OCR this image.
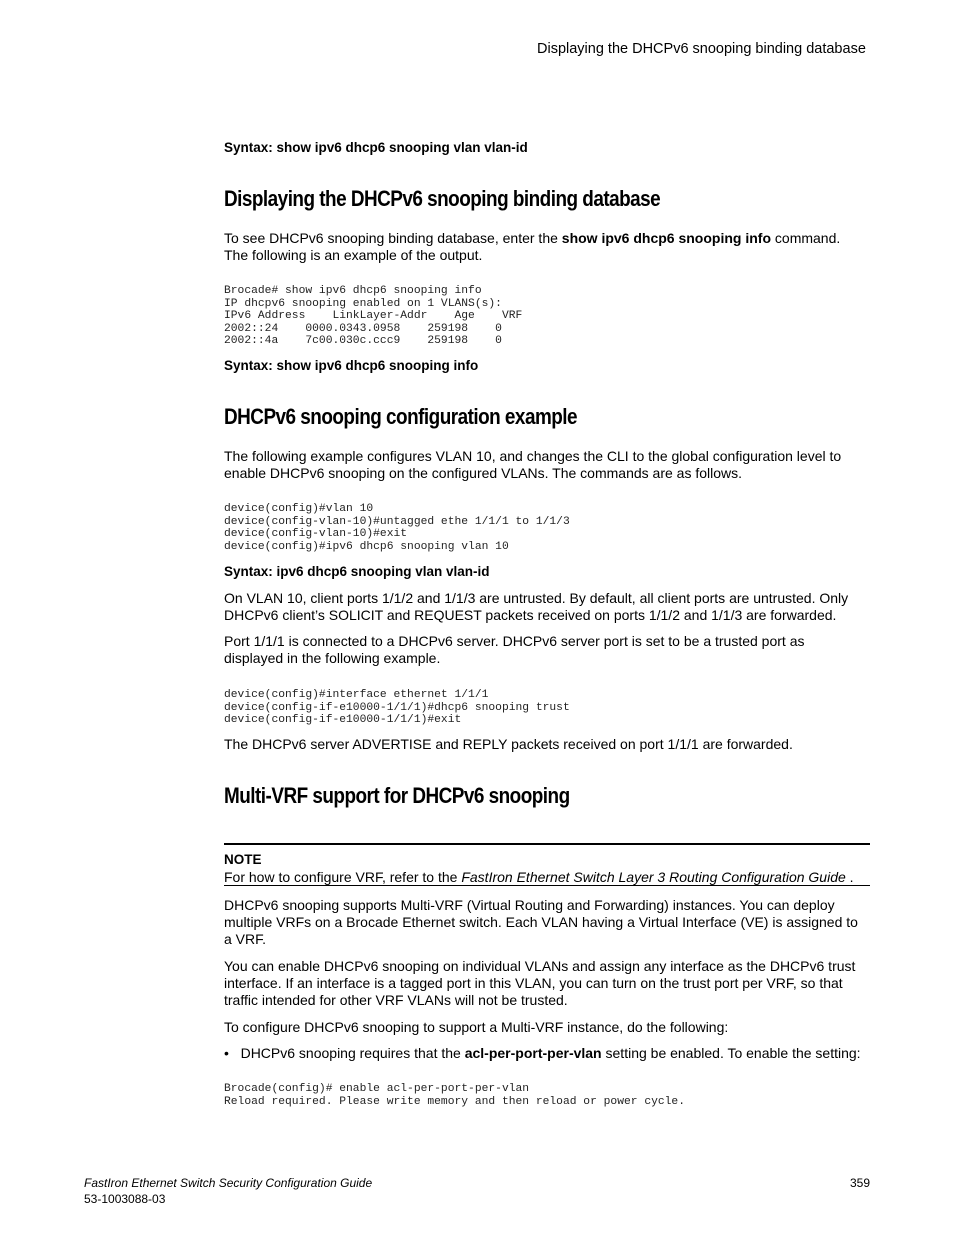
Displaying the DHCPv6 snooping binding database
Syntax: show ipv6 dhcp6 snooping vlan vlan-id
Displaying the DHCPv6 snooping binding database
To see DHCPv6 snooping binding database, enter the show ipv6 dhcp6 snooping info command.
The following is an example of the output.
Brocade# show ipv6 dhcp6 snooping info
IP dhcpv6 snooping enabled on 1 VLANS(s):
IPv6 Address    LinkLayer-Addr    Age    VRF
2002::24    0000.0343.0958    259198    0
2002::4a    7c00.030c.ccc9    259198    0
Syntax: show ipv6 dhcp6 snooping info
DHCPv6 snooping configuration example
The following example configures VLAN 10, and changes the CLI to the global configuration level to
enable DHCPv6 snooping on the configured VLANs. The commands are as follows.
device(config)#vlan 10
device(config-vlan-10)#untagged ethe 1/1/1 to 1/1/3
device(config-vlan-10)#exit
device(config)#ipv6 dhcp6 snooping vlan 10
Syntax: ipv6 dhcp6 snooping vlan vlan-id
On VLAN 10, client ports 1/1/2 and 1/1/3 are untrusted. By default, all client ports are untrusted. Only
DHCPv6 client’s SOLICIT and REQUEST packets received on ports 1/1/2 and 1/1/3 are forwarded.
Port 1/1/1 is connected to a DHCPv6 server. DHCPv6 server port is set to be a trusted port as
displayed in the following example.
device(config)#interface ethernet 1/1/1
device(config-if-e10000-1/1/1)#dhcp6 snooping trust
device(config-if-e10000-1/1/1)#exit
The DHCPv6 server ADVERTISE and REPLY packets received on port 1/1/1 are forwarded.
Multi-VRF support for DHCPv6 snooping
NOTE
For how to configure VRF, refer to the FastIron Ethernet Switch Layer 3 Routing Configuration Guide .
DHCPv6 snooping supports Multi-VRF (Virtual Routing and Forwarding) instances. You can deploy
multiple VRFs on a Brocade Ethernet switch. Each VLAN having a Virtual Interface (VE) is assigned to
a VRF.
You can enable DHCPv6 snooping on individual VLANs and assign any interface as the DHCPv6 trust
interface. If an interface is a tagged port in this VLAN, you can turn on the trust port per VRF, so that
traffic intended for other VRF VLANs will not be trusted.
To configure DHCPv6 snooping to support a Multi-VRF instance, do the following:
• DHCPv6 snooping requires that the acl-per-port-per-vlan setting be enabled. To enable the setting:
Brocade(config)# enable acl-per-port-per-vlan
Reload required. Please write memory and then reload or power cycle.
FastIron Ethernet Switch Security Configuration Guide
53-1003088-03
359
